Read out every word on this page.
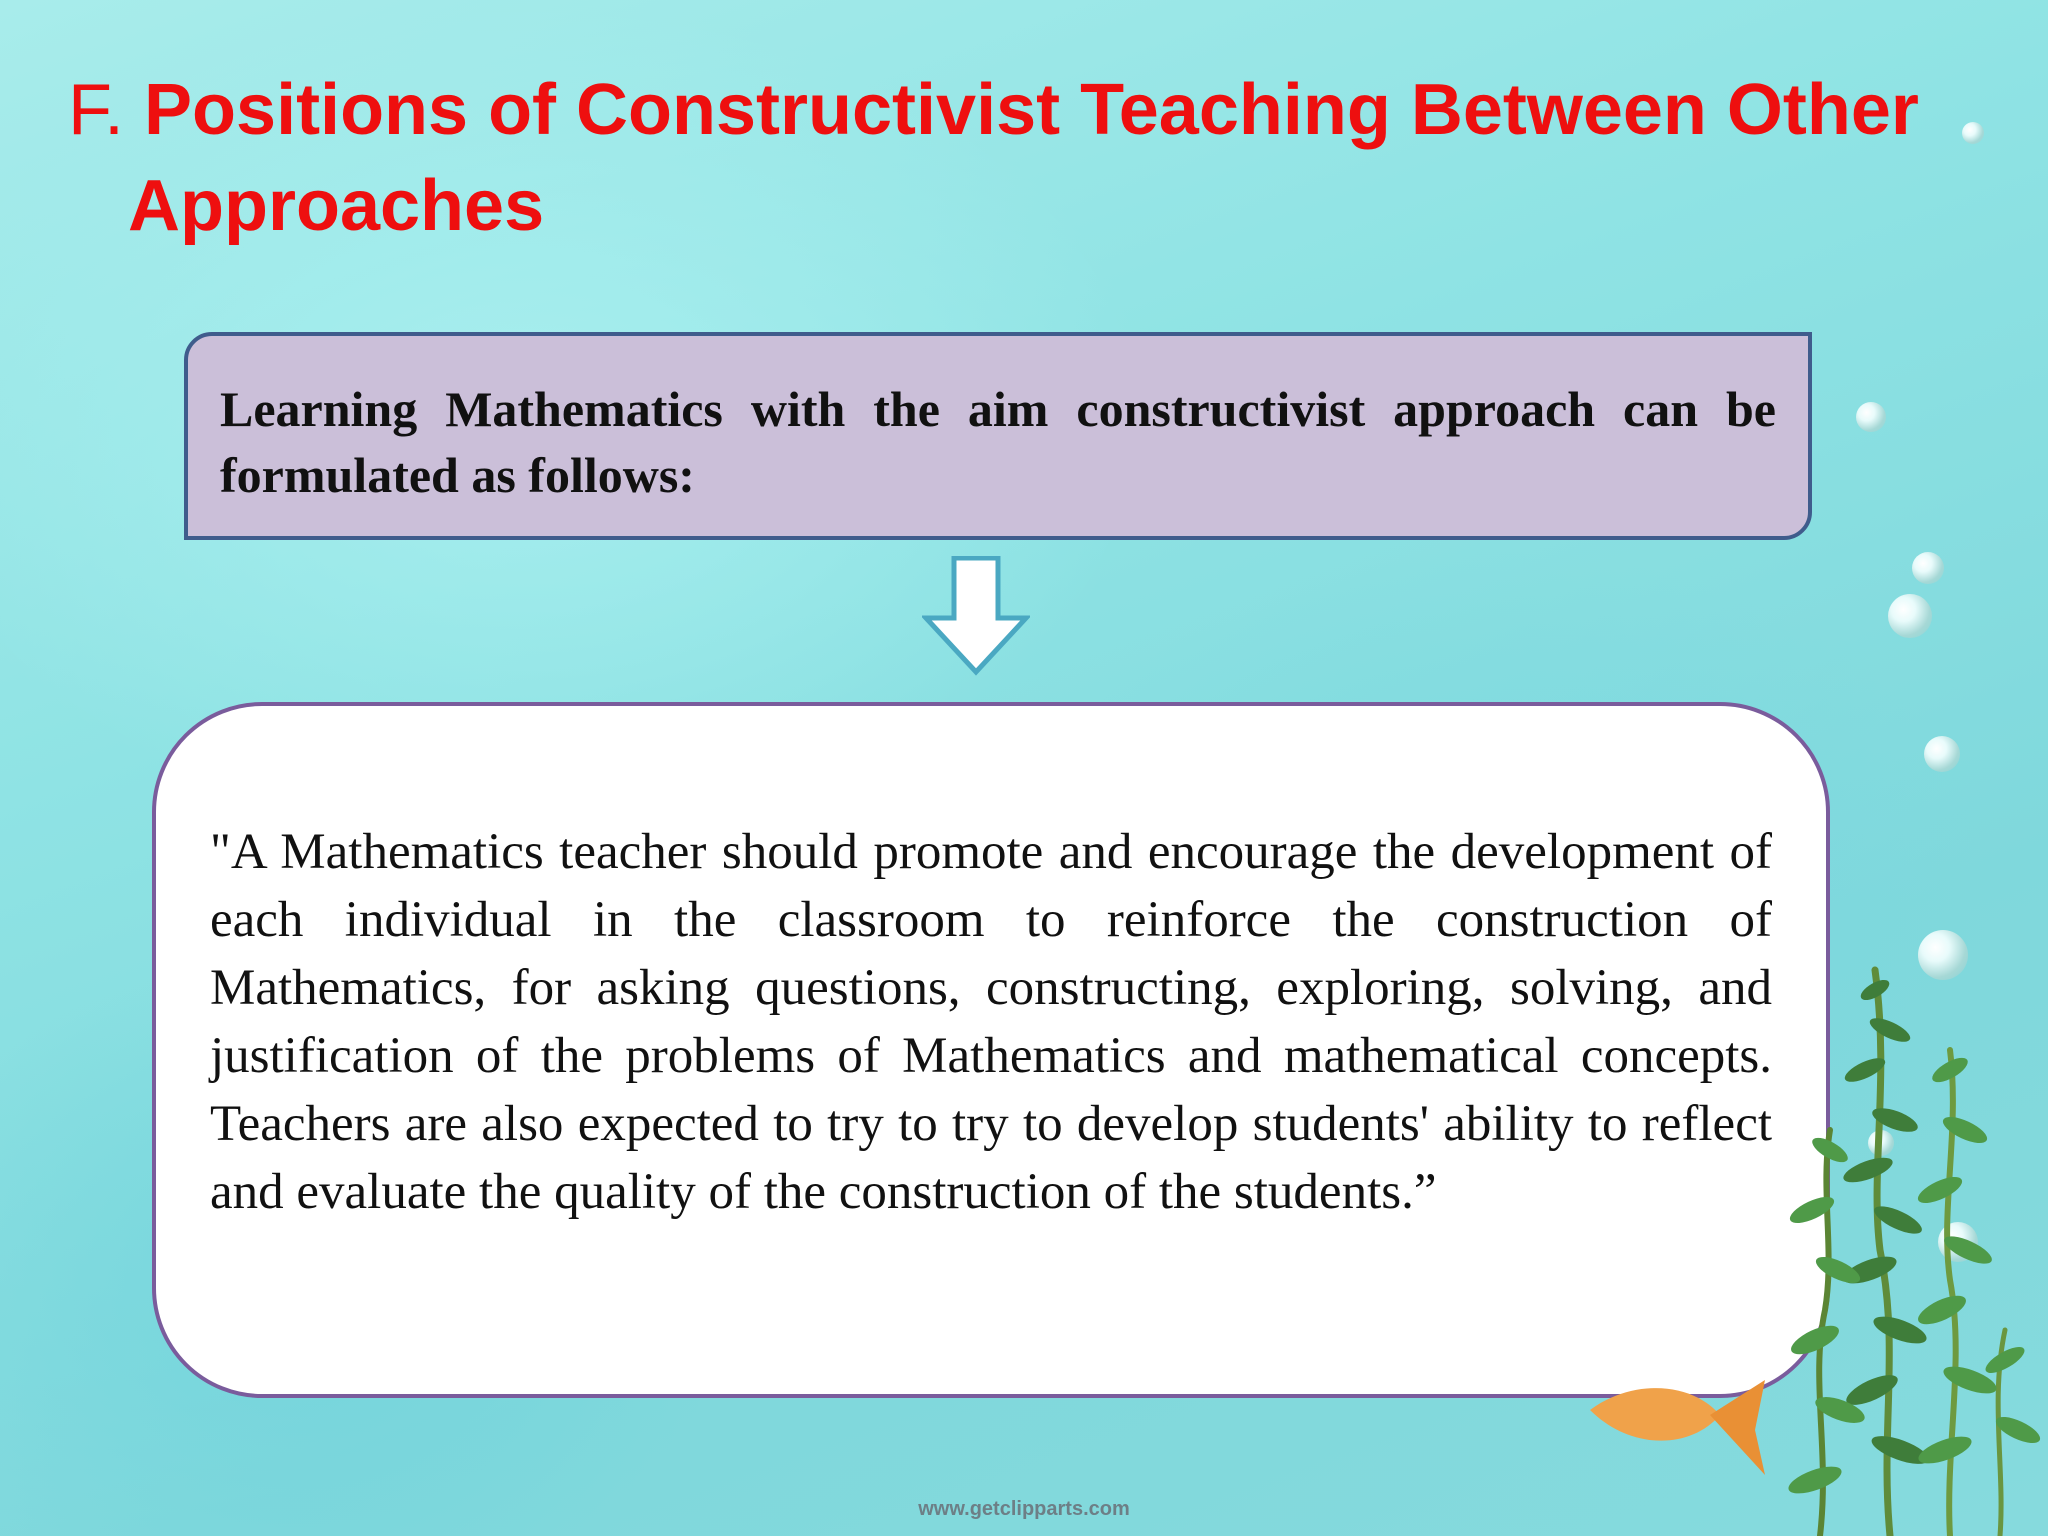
F. Positions of Constructivist Teaching Between Other
Approaches
Learning Mathematics with the aim constructivist approach can be formulated as follows:
"A Mathematics teacher should promote and encourage the development of each individual in the classroom to reinforce the construction of Mathematics, for asking questions, constructing, exploring, solving, and justification of the problems of Mathematics and mathematical concepts. Teachers are also expected to try to try to develop students' ability to reflect and evaluate the quality of the construction of the students.”
www.getclipparts.com
